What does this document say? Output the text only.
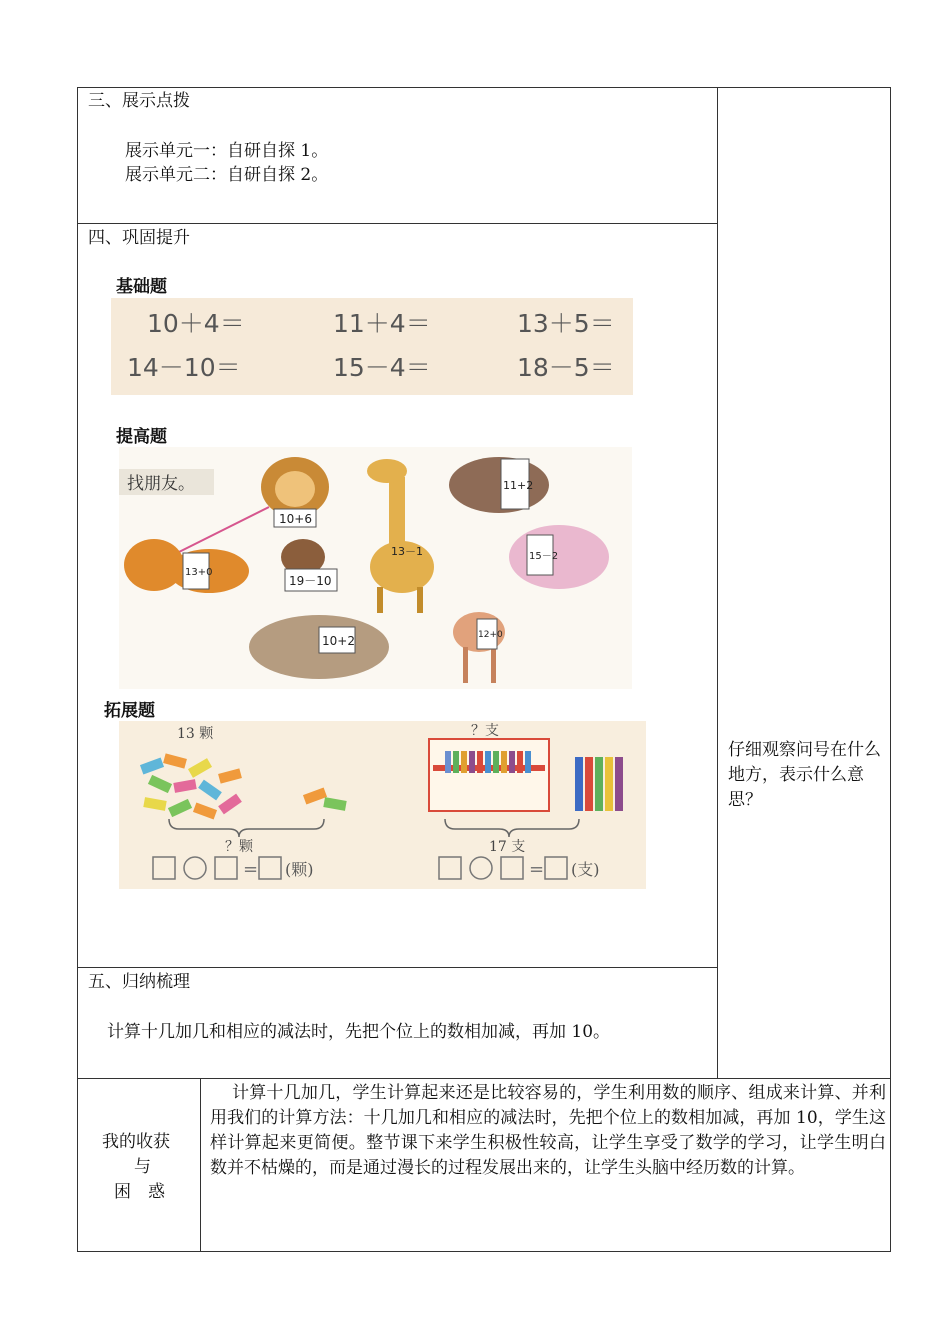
三、展示点拨
展示单元一：自研自探 1。
展示单元二：自研自探 2。
四、巩固提升
基础题
10＋4＝	11＋4＝	13＋5＝
14－10＝	15－4＝	18－5＝
提高题
找朋友。
10+6
13－1
11+2
13+0
19－10
15－2
10+2	12+0
拓展题
13 颗
？颗
= (颗)
？支
17 支
= (支)
仔细观察问号在什么地方，表示什么意思？
五、归纳梳理
计算十几加几和相应的减法时，先把个位上的数相加减，再加 10。
我的收获
与
困　惑
计算十几加几，学生计算起来还是比较容易的，学生利用数的顺序、组成来计算、并利用我们的计算方法：十几加几和相应的减法时，先把个位上的数相加减，再加 10，学生这样计算起来更简便。整节课下来学生积极性较高，让学生享受了数学的学习，让学生明白数并不枯燥的，而是通过漫长的过程发展出来的，让学生头脑中经历数的计算。
